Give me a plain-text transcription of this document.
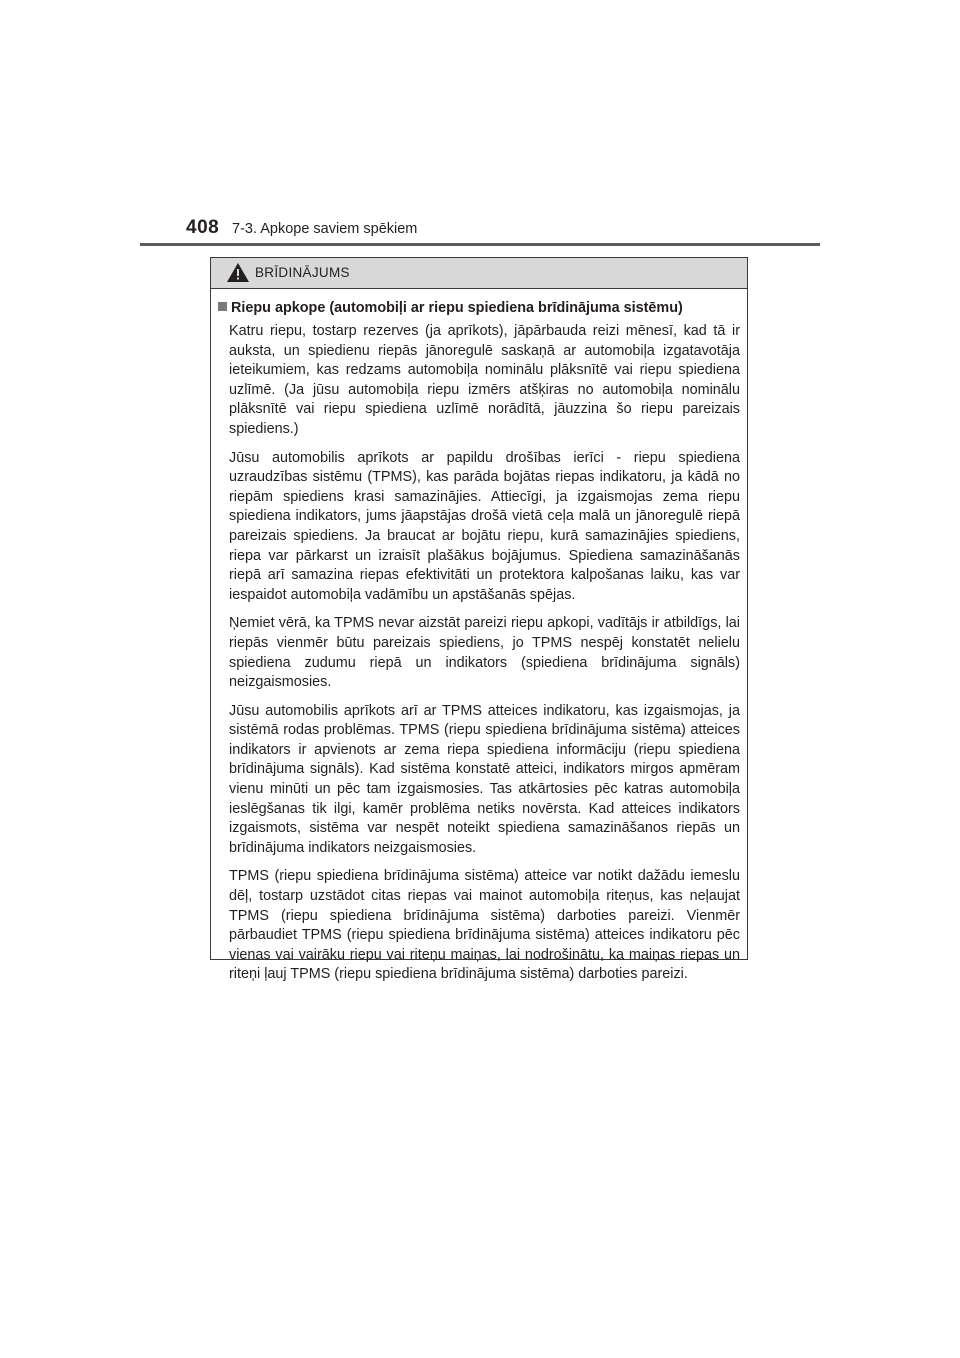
408 7-3. Apkope saviem spēkiem
BRĪDINĀJUMS
Riepu apkope (automobiļi ar riepu spiediena brīdinājuma sistēmu)

Katru riepu, tostarp rezerves (ja aprīkots), jāpārbauda reizi mēnesī, kad tā ir auksta, un spiedienu riepās jānoregulē saskaņā ar automobiļa izgatavotāja ieteikumiem, kas redzams automobiļa nominālu plāksnītē vai riepu spiediena uzlīmē. (Ja jūsu automobiļa riepu izmērs atšķiras no automobiļa nominālu plāksnītē vai riepu spiediena uzlīmē norādītā, jāuzzina šo riepu pareizais spiediens.)

Jūsu automobilis aprīkots ar papildu drošības ierīci - riepu spiediena uzraudzības sistēmu (TPMS), kas parāda bojātas riepas indikatoru, ja kādā no riepām spiediens krasi samazinājies. Attiecīgi, ja izgaismojas zema riepu spiediena indikators, jums jāapstājas drošā vietā ceļa malā un jānoregulē riepā pareizais spiediens. Ja braucat ar bojātu riepu, kurā samazinājies spiediens, riepa var pārkarst un izraisīt plašākus bojājumus. Spiediena samazināšanās riepā arī samazina riepas efektivitāti un protektora kalpošanas laiku, kas var iespaidot automobiļa vadāmību un apstāšanās spējas.

Ņemiet vērā, ka TPMS nevar aizstāt pareizi riepu apkopi, vadītājs ir atbildīgs, lai riepās vienmēr būtu pareizais spiediens, jo TPMS nespēj konstatēt nelielu spiediena zudumu riepā un indikators (spiediena brīdinājuma signāls) neizgaismosies.

Jūsu automobilis aprīkots arī ar TPMS atteices indikatoru, kas izgaismojas, ja sistēmā rodas problēmas. TPMS (riepu spiediena brīdinājuma sistēma) atteices indikators ir apvienots ar zema riepa spiediena informāciju (riepu spiediena brīdinājuma signāls). Kad sistēma konstatē atteici, indikators mirgos apmēram vienu minūti un pēc tam izgaismosies. Tas atkārtosies pēc katras automobiļa ieslēgšanas tik ilgi, kamēr problēma netiks novērsta. Kad atteices indikators izgaismots, sistēma var nespēt noteikt spiediena samazināšanos riepās un brīdinājuma indikators neizgaismosies.

TPMS (riepu spiediena brīdinājuma sistēma) atteice var notikt dažādu iemeslu dēļ, tostarp uzstādot citas riepas vai mainot automobiļa riteņus, kas neļaujat TPMS (riepu spiediena brīdinājuma sistēma) darboties pareizi. Vienmēr pārbaudiet TPMS (riepu spiediena brīdinājuma sistēma) atteices indikatoru pēc vienas vai vairāku riepu vai riteņu maiņas, lai nodrošinātu, ka maiņas riepas un riteņi ļauj TPMS (riepu spiediena brīdinājuma sistēma) darboties pareizi.
